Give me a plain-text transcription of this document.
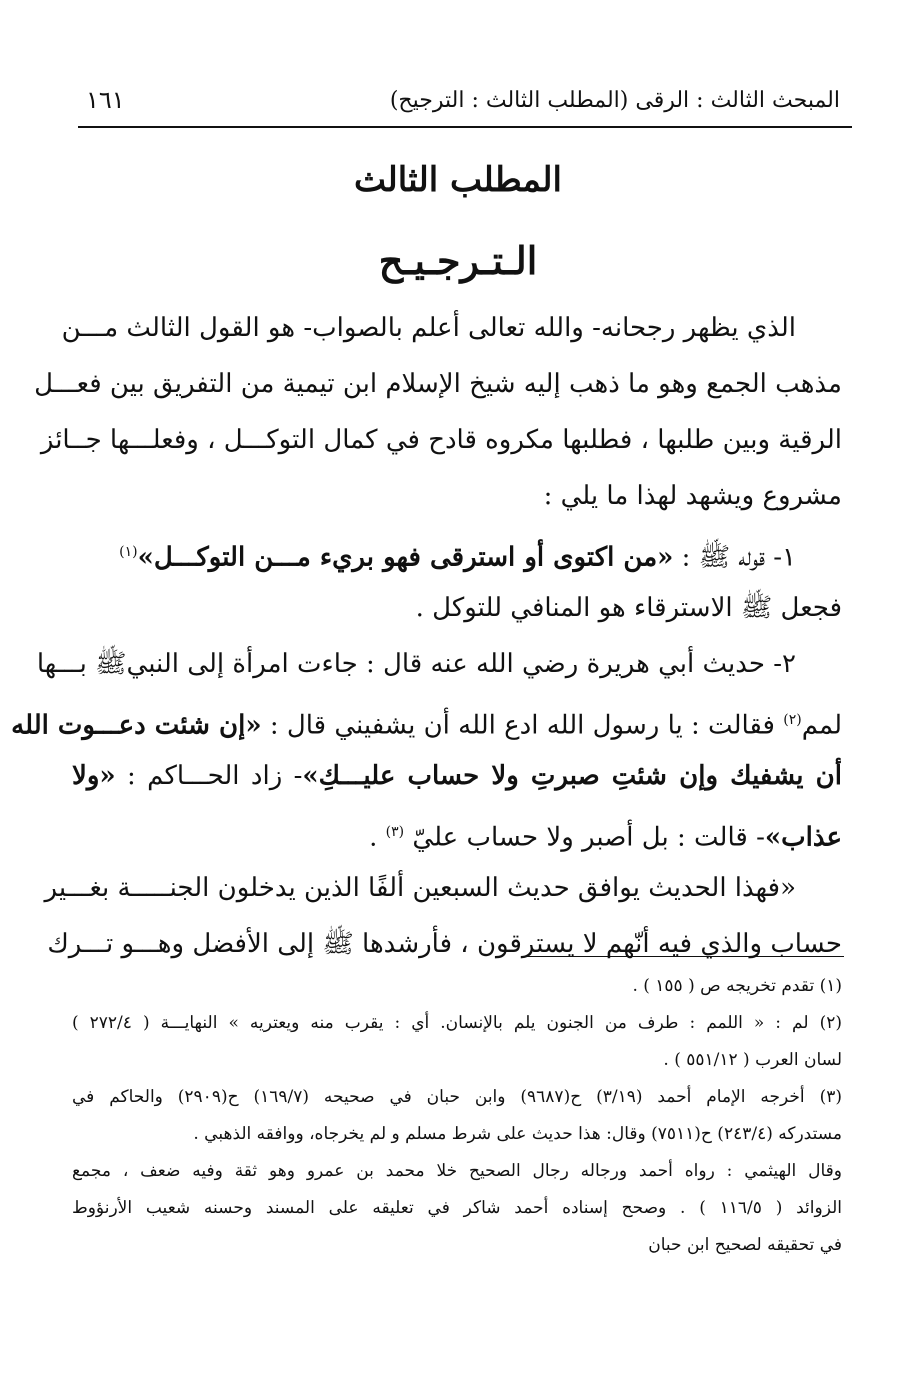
المبحث الثالث : الرقى (المطلب الثالث : الترجيح)
١٦١
المطلب الثالث
الـتـرجـيـح
الذي يظهر رجحانه- والله تعالى أعلم بالصواب- هو القول الثالث مـــن
مذهب الجمع وهو ما ذهب إليه شيخ الإسلام ابن تيمية من التفريق بين فعـــل
الرقية وبين طلبها ، فطلبها مكروه قادح في كمال التوكـــل ، وفعلـــها جــائز
مشروع ويشهد لهذا ما يلي :
١- قوله ﷺ : «من اكتوى أو استرقى فهو بريء مـــن التوكـــل»$^{(١)}$
فجعل ﷺ الاسترقاء هو المنافي للتوكل .
٢- حديث أبي هريرة رضي الله عنه قال : جاءت امرأة إلى النبيﷺ بـــها
لمم$^{(٢)}$ فقالت : يا رسول الله ادع الله أن يشفيني قال : «إن شئت دعـــوت الله
أن يشفيك وإن شئتِ صبرتِ ولا حساب عليـــكِ»- زاد الحـــاكم : «ولا
عذاب»- قالت : بل أصبر ولا حساب عليّ $^{(٣)}$ .
«فهذا الحديث يوافق حديث السبعين ألفًا الذين يدخلون الجنـــــة بغـــير
حساب والذي فيه أنّهم لا يسترقون ، فأرشدها ﷺ إلى الأفضل وهـــو تـــرك
(١) تقدم تخريجه ص ( ١٥٥ ) .
(٢) لم : « اللمم : طرف من الجنون يلم بالإنسان. أي : يقرب منه ويعتريه » النهايـــة ( ٢٧٢/٤ )
لسان العرب ( ٥٥١/١٢ ) .
(٣) أخرجه الإمام أحمد (٣/١٩) ح(٩٦٨٧) وابن حبان في صحيحه (١٦٩/٧) ح(٢٩٠٩) والحاكم في
مستدركه (٢٤٣/٤) ح(٧٥١١) وقال: هذا حديث على شرط مسلم و لم يخرجاه، ووافقه الذهبي .
وقال الهيثمي : رواه أحمد ورجاله رجال الصحيح خلا محمد بن عمرو وهو ثقة وفيه ضعف ، مجمع
الزوائد ( ١١٦/٥ ) . وصحح إسناده أحمد شاكر في تعليقه على المسند وحسنه شعيب الأرنؤوط
في تحقيقه لصحيح ابن حبان
